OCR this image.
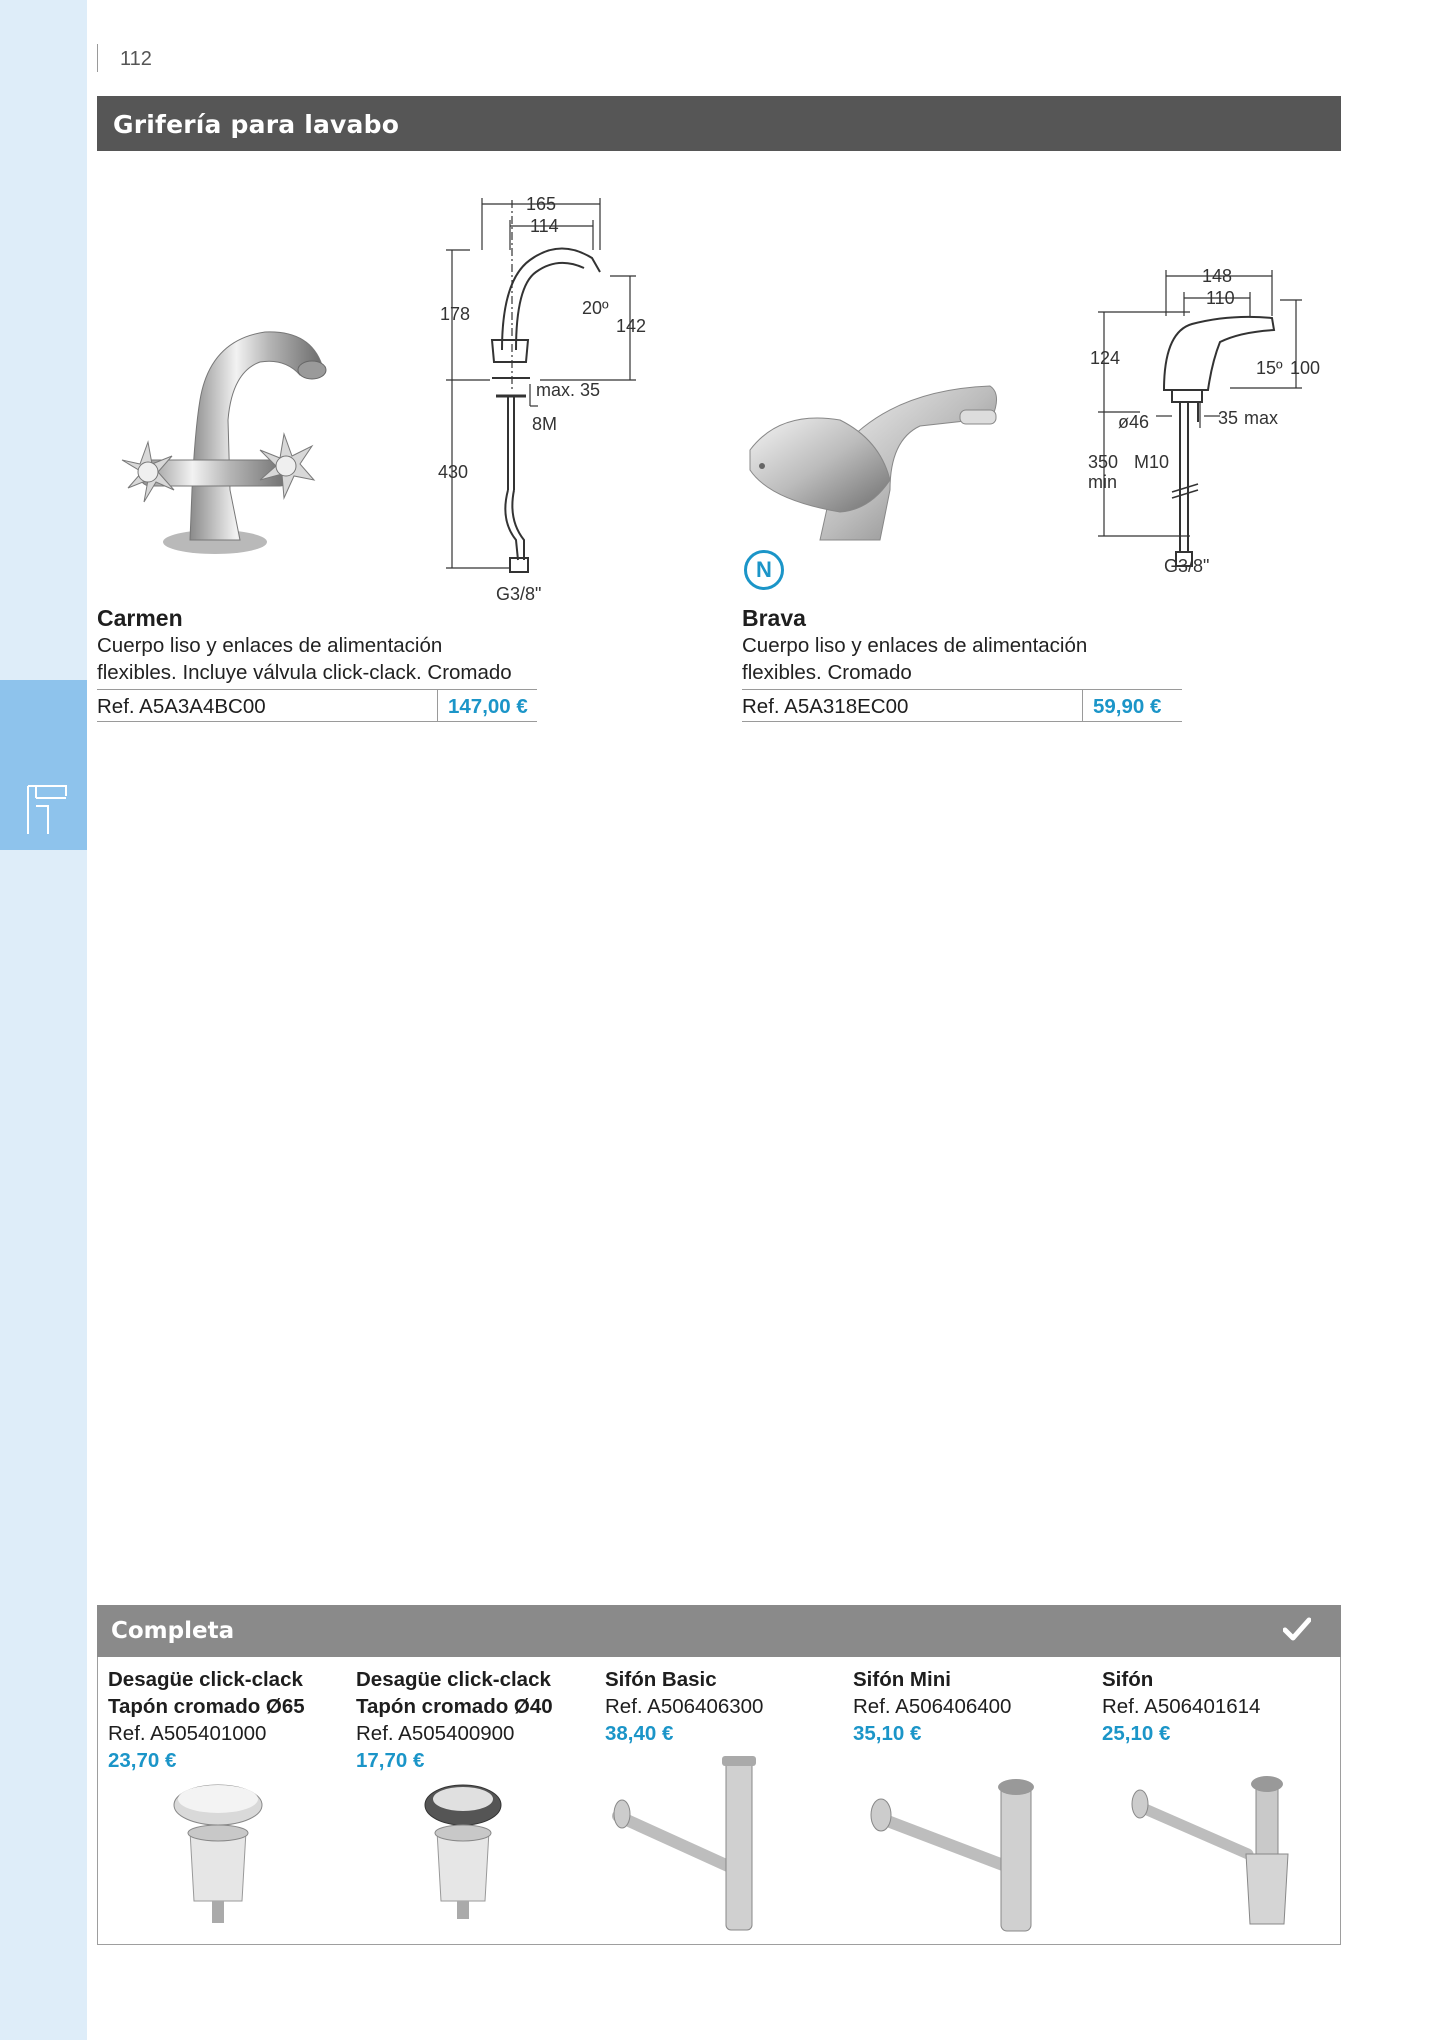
112
Grifería para lavabo
165
114
178	20º
142
max. 35
8M
430
G3/8"
Carmen
Cuerpo liso y enlaces de alimentación
flexibles. Incluye válvula click-clack. Cromado
Ref. A5A3A4BC00	147,00 €
N
148
110
124	15º 100
ø46	35 max
350
min
M10
G3/8"
Brava
Cuerpo liso y enlaces de alimentación
flexibles. Cromado
Ref. A5A318EC00	59,90 €
Completa
Desagüe click-clack
Tapón cromado Ø65
Ref. A505401000
23,70 €
Desagüe click-clack
Tapón cromado Ø40
Ref. A505400900
17,70 €
Sifón Basic
Ref. A506406300
38,40 €
Sifón Mini
Ref. A506406400
35,10 €
Sifón
Ref. A506401614
25,10 €
